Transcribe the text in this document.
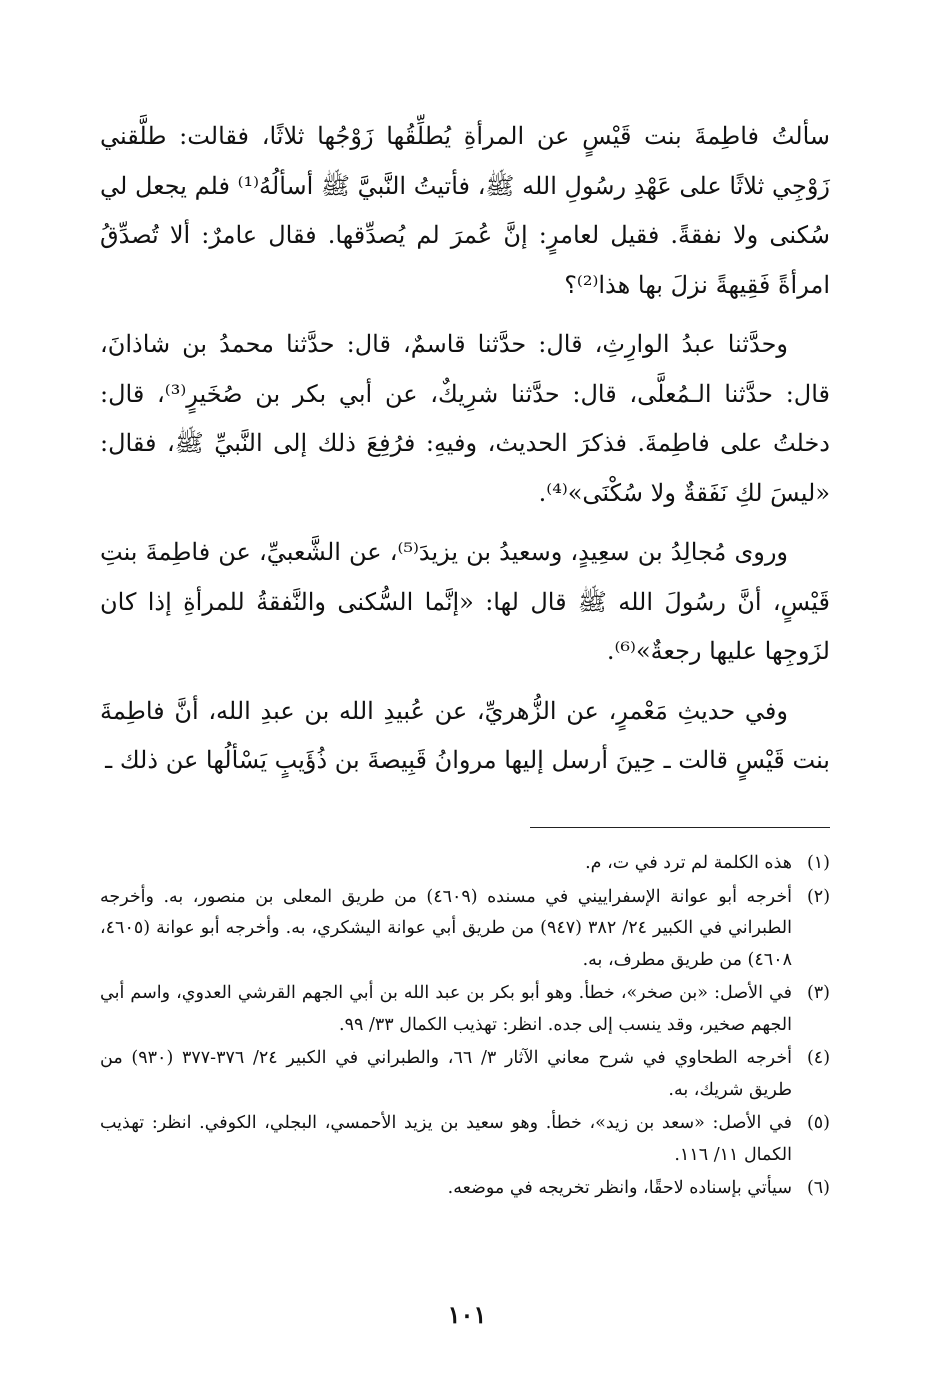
سألتُ فاطِمةَ بنت قَيْسٍ عن المرأةِ يُطلِّقُها زَوْجُها ثلاثًا، فقالت: طلَّقني زَوْجِي ثلاثًا على عَهْدِ رسُولِ الله ﷺ، فأتيتُ النَّبيَّ ﷺ أسألُهُ⁽¹⁾ فلم يجعل لي سُكنى ولا نفقةً. فقيل لعامرٍ: إنَّ عُمرَ لم يُصدِّقها. فقال عامرٌ: ألا تُصدِّقُ امرأةً فَقِيهةً نزلَ بها هذا⁽²⁾؟

وحدَّثنا عبدُ الوارِثِ، قال: حدَّثنا قاسمٌ، قال: حدَّثنا محمدُ بن شاذانَ، قال: حدَّثنا الـمُعلَّى، قال: حدَّثنا شرِيكٌ، عن أبي بكر بن صُخَيرٍ⁽³⁾، قال: دخلتُ على فاطِمةَ. فذكرَ الحديث، وفيهِ: فرُفِعَ ذلك إلى النَّبيِّ ﷺ، فقال: «ليسَ لكِ نَفَقةٌ ولا سُكْنَى»⁽⁴⁾.

وروى مُجالِدُ بن سعِيدٍ، وسعيدُ بن يزيدَ⁽⁵⁾، عن الشَّعبيِّ، عن فاطِمةَ بنتِ قَيْسٍ، أنَّ رسُولَ الله ﷺ قال لها: «إنَّما السُّكنى والنَّفقةُ للمرأةِ إذا كان لزَوجِها عليها رجعةٌ»⁽⁶⁾.

وفي حديثِ مَعْمرٍ، عن الزُّهريِّ، عن عُبيدِ الله بن عبدِ الله، أنَّ فاطِمةَ بنت قَيْسٍ قالت ـ حِينَ أرسل إليها مروانُ قَبِيصةَ بن ذُؤَيبٍ يَسْألُها عن ذلك ـ

(١)هذه الكلمة لم ترد في ت، م.

(٢)أخرجه أبو عوانة الإسفراييني في مسنده (٤٦٠٩) من طريق المعلى بن منصور، به. وأخرجه الطبراني في الكبير ٢٤/ ٣٨٢ (٩٤٧) من طريق أبي عوانة اليشكري، به. وأخرجه أبو عوانة (٤٦٠٥، ٤٦٠٨) من طريق مطرف، به.

(٣)في الأصل: «بن صخر»، خطأ. وهو أبو بكر بن عبد الله بن أبي الجهم القرشي العدوي، واسم أبي الجهم صخير، وقد ينسب إلى جده. انظر: تهذيب الكمال ٣٣/ ٩٩.

(٤)أخرجه الطحاوي في شرح معاني الآثار ٣/ ٦٦، والطبراني في الكبير ٢٤/ ٣٧٦-٣٧٧ (٩٣٠) من طريق شريك، به.

(٥)في الأصل: «سعد بن زيد»، خطأ. وهو سعيد بن يزيد الأحمسي، البجلي، الكوفي. انظر: تهذيب الكمال ١١/ ١١٦.

(٦)سيأتي بإسناده لاحقًا، وانظر تخريجه في موضعه.

١٠١
